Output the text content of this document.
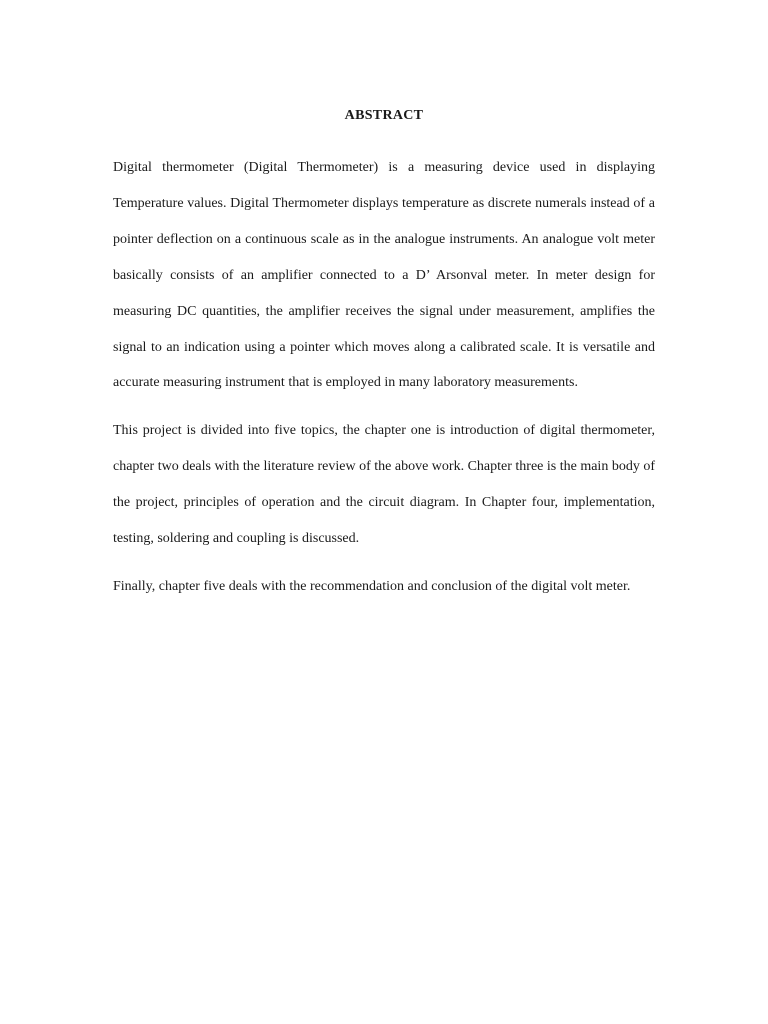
ABSTRACT

Digital thermometer (Digital Thermometer) is a measuring device used in displaying Temperature values. Digital Thermometer displays temperature as discrete numerals instead of a pointer deflection on a continuous scale as in the analogue instruments. An analogue volt meter basically consists of an amplifier connected to a D’ Arsonval meter. In meter design for measuring DC quantities, the amplifier receives the signal under measurement, amplifies the signal to an indication using a pointer which moves along a calibrated scale. It is versatile and accurate measuring instrument that is employed in many laboratory measurements.

This project is divided into five topics, the chapter one is introduction of digital thermometer, chapter two deals with the literature review of the above work. Chapter three is the main body of the project, principles of operation and the circuit diagram. In Chapter four, implementation, testing, soldering and coupling is discussed.

Finally, chapter five deals with the recommendation and conclusion of the digital volt meter.
